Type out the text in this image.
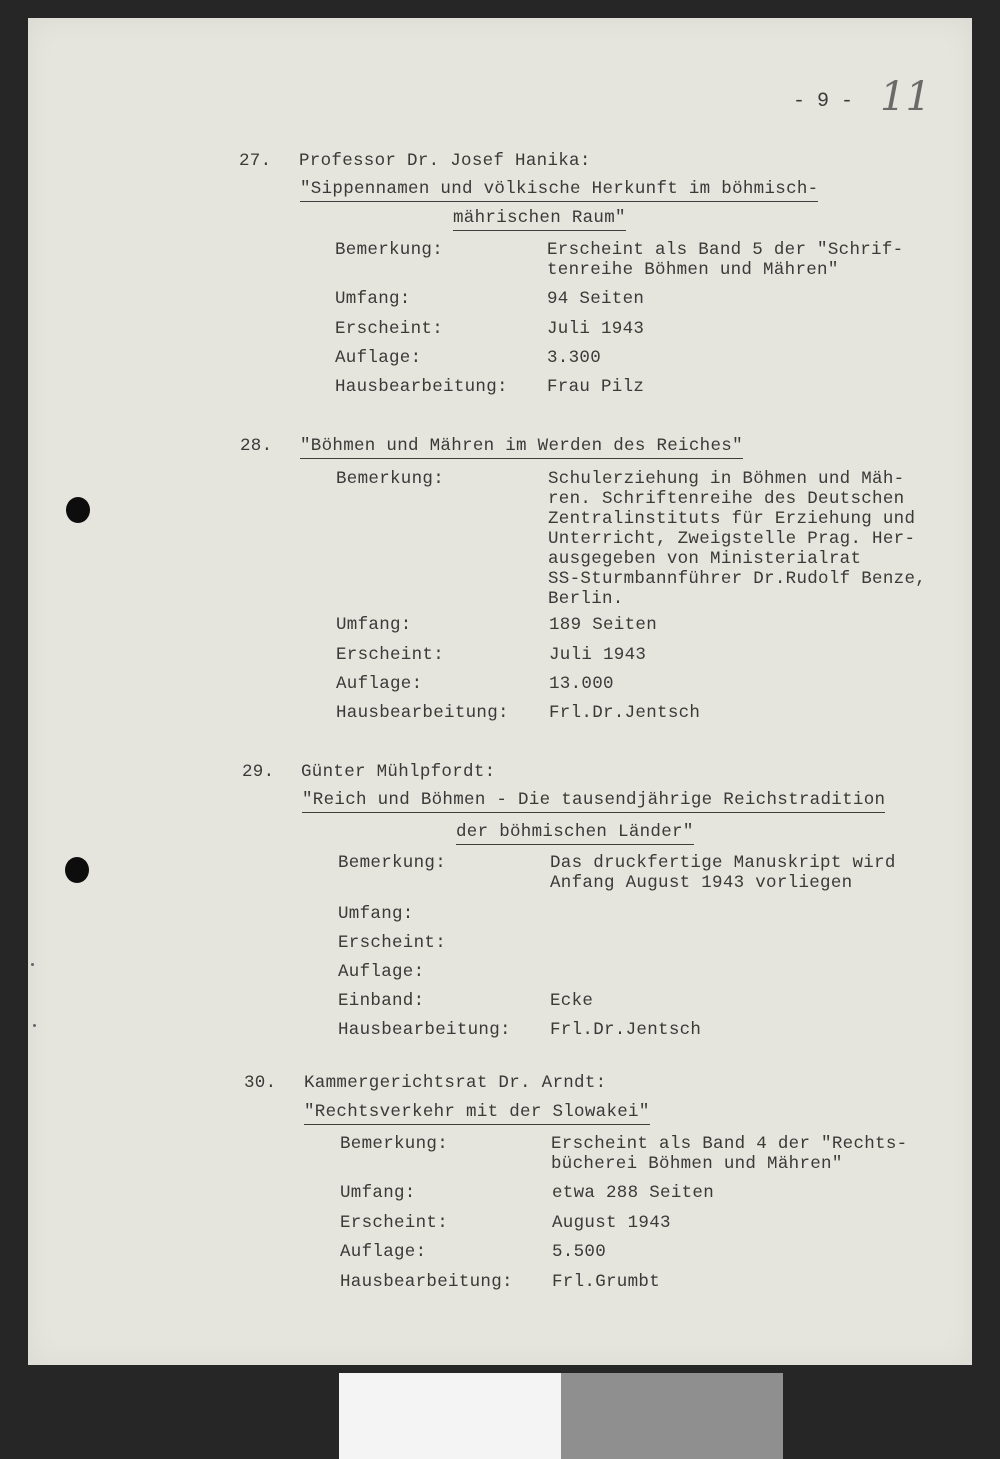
- 9 - 11
27. Professor Dr. Josef Hanika:
"Sippennamen und völkische Herkunft im böhmisch-
mährischen Raum"
Bemerkung:	Erscheint als Band 5 der "Schrif-
tenreihe Böhmen und Mähren"
Umfang:	94 Seiten
Erscheint:	Juli 1943
Auflage:	3.300
Hausbearbeitung: Frau Pilz
28. "Böhmen und Mähren im Werden des Reiches"
Bemerkung:	Schulerziehung in Böhmen und Mäh-
ren. Schriftenreihe des Deutschen
Zentralinstituts für Erziehung und
Unterricht, Zweigstelle Prag. Her-
ausgegeben von Ministerialrat
SS-Sturmbannführer Dr.Rudolf Benze,
Berlin.
Umfang:	189 Seiten
Erscheint:	Juli 1943
Auflage:	13.000
Hausbearbeitung: Frl.Dr.Jentsch
29. Günter Mühlpfordt:
"Reich und Böhmen - Die tausendjährige Reichstradition
der böhmischen Länder"
Bemerkung:	Das druckfertige Manuskript wird
Anfang August 1943 vorliegen
Umfang:
Erscheint:
Auflage:
Einband:	Ecke
Hausbearbeitung: Frl.Dr.Jentsch
30. Kammergerichtsrat Dr. Arndt:
"Rechtsverkehr mit der Slowakei"
Bemerkung:	Erscheint als Band 4 der "Rechts-
bücherei Böhmen und Mähren"
Umfang:	etwa 288 Seiten
Erscheint:	August 1943
Auflage:	5.500
Hausbearbeitung: Frl.Grumbt
